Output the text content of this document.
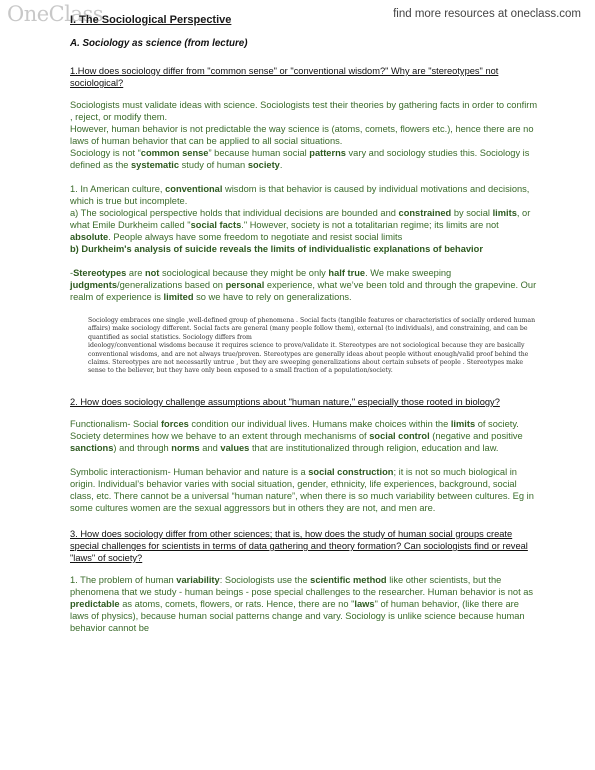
OneClass	find more resources at oneclass.com
I. The Sociological Perspective
A. Sociology as science (from lecture)
1.How does sociology differ from "common sense" or "conventional wisdom?" Why are "stereotypes" not sociological?

Sociologists must validate ideas with science. Sociologists test their theories by gathering facts in order to confirm , reject, or modify them.

However, human behavior is not predictable the way science is (atoms, comets, flowers etc.), hence there are no laws of human behavior that can be applied to all social situations.

Sociology is not “common sense” because human social patterns vary and sociology studies this. Sociology is defined as the systematic study of human society.

1. In American culture, conventional wisdom is that behavior is caused by individual motivations and decisions, which is true but incomplete.

a) The sociological perspective holds that individual decisions are bounded and constrained by social limits, or what Emile Durkheim called "social facts." However, society is not a totalitarian regime; its limits are not absolute. People always have some freedom to negotiate and resist social limits

b) Durkheim's analysis of suicide reveals the limits of individualistic explanations of behavior

-Stereotypes are not sociological because they might be only half true. We make sweeping judgments/generalizations based on personal experience, what we’ve been told and through the grapevine. Our realm of experience is limited so we have to rely on generalizations.

Sociology embraces one single ,well-defined group of phenomena . Social facts (tangible features or characteristics of socially ordered human affairs) make sociology different. Social facts are general (many people follow them), external (to individuals), and constraining, and can be quantified as social statistics. Sociology differs from

ideology/conventional wisdoms because it requires science to prove/validate it. Stereotypes are not sociological because they are basically conventional wisdoms, and are not always true/proven. Stereotypes are generally ideas about people without enough/valid proof behind the claims. Stereotypes are not necessarily untrue , but they are sweeping generalizations about certain subsets of people . Stereotypes make sense to the believer, but they have only been exposed to a small fraction of a population/society.

2. How does sociology challenge assumptions about "human nature," especially those rooted in biology?

Functionalism- Social forces condition our individual lives. Humans make choices within the limits of society. Society determines how we behave to an extent through mechanisms of social control (negative and positive sanctions) and through norms and values that are institutionalized through religion, education and law.

Symbolic interactionism- Human behavior and nature is a social construction; it is not so much biological in origin. Individual’s behavior varies with social situation, gender, ethnicity, life experiences, background, social class, etc. There cannot be a universal “human nature”, when there is so much variability between cultures. Eg in some cultures women are the sexual aggressors but in others they are not, and men are.

3. How does sociology differ from other sciences; that is, how does the study of human social groups create special challenges for scientists in terms of data gathering and theory formation? Can sociologists find or reveal "laws" of society?

1. The problem of human variability: Sociologists use the scientific method like other scientists, but the phenomena that we study - human beings - pose special challenges to the researcher. Human behavior is not as predictable as atoms, comets, flowers, or rats. Hence, there are no "laws" of human behavior, (like there are laws of physics), because human social patterns change and vary. Sociology is unlike science because human behavior cannot be
